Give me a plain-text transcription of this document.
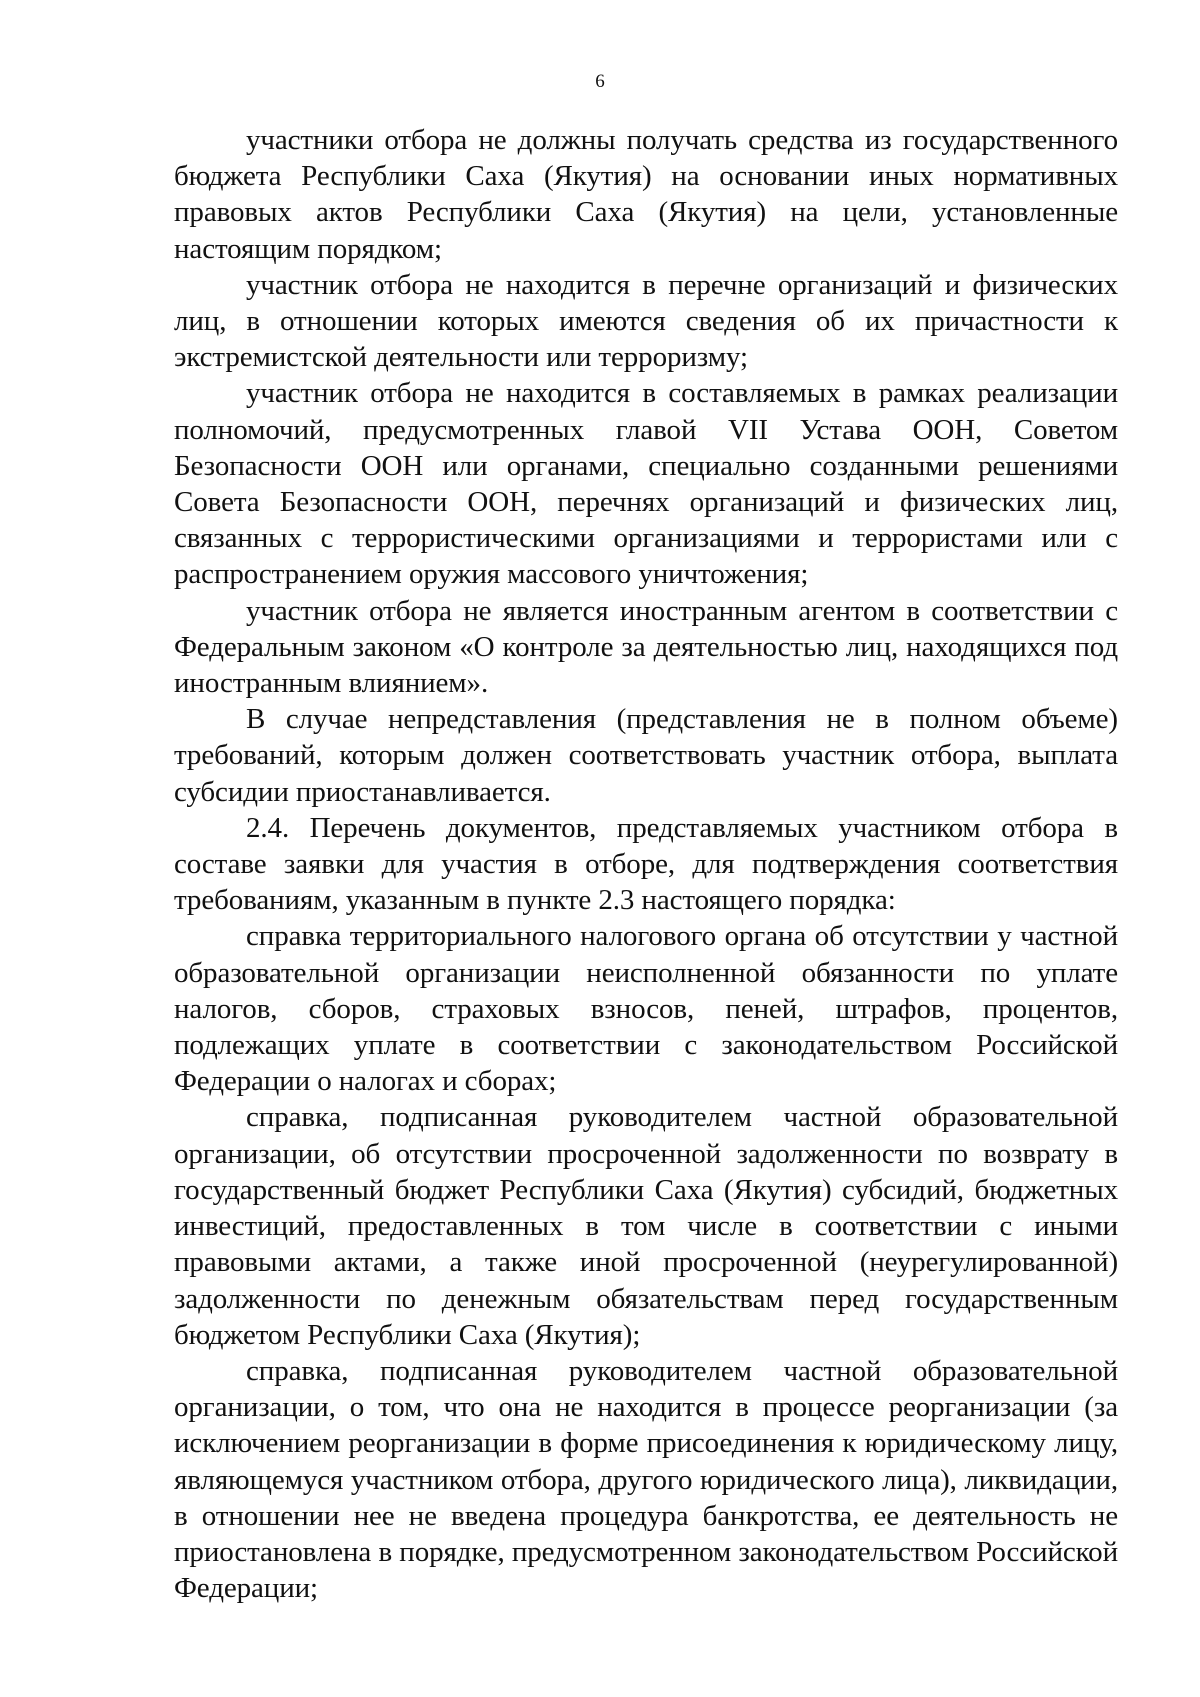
6

участники отбора не должны получать средства из государственного бюджета Республики Саха (Якутия) на основании иных нормативных правовых актов Республики Саха (Якутия) на цели, установленные настоящим порядком;

участник отбора не находится в перечне организаций и физических лиц, в отношении которых имеются сведения об их причастности к экстремистской деятельности или терроризму;

участник отбора не находится в составляемых в рамках реализации полномочий, предусмотренных главой VII Устава ООН, Советом Безопасности ООН или органами, специально созданными решениями Совета Безопасности ООН, перечнях организаций и физических лиц, связанных с террористическими организациями и террористами или с распространением оружия массового уничтожения;

участник отбора не является иностранным агентом в соответствии с Федеральным законом «О контроле за деятельностью лиц, находящихся под иностранным влиянием».

В случае непредставления (представления не в полном объеме) требований, которым должен соответствовать участник отбора, выплата субсидии приостанавливается.

2.4. Перечень документов, представляемых участником отбора в составе заявки для участия в отборе, для подтверждения соответствия требованиям, указанным в пункте 2.3 настоящего порядка:

справка территориального налогового органа об отсутствии у частной образовательной организации неисполненной обязанности по уплате налогов, сборов, страховых взносов, пеней, штрафов, процентов, подлежащих уплате в соответствии с законодательством Российской Федерации о налогах и сборах;

справка, подписанная руководителем частной образовательной организации, об отсутствии просроченной задолженности по возврату в государственный бюджет Республики Саха (Якутия) субсидий, бюджетных инвестиций, предоставленных в том числе в соответствии с иными правовыми актами, а также иной просроченной (неурегулированной) задолженности по денежным обязательствам перед государственным бюджетом Республики Саха (Якутия);

справка, подписанная руководителем частной образовательной организации, о том, что она не находится в процессе реорганизации (за исключением реорганизации в форме присоединения к юридическому лицу, являющемуся участником отбора, другого юридического лица), ликвидации, в отношении нее не введена процедура банкротства, ее деятельность не приостановлена в порядке, предусмотренном законодательством Российской Федерации;
